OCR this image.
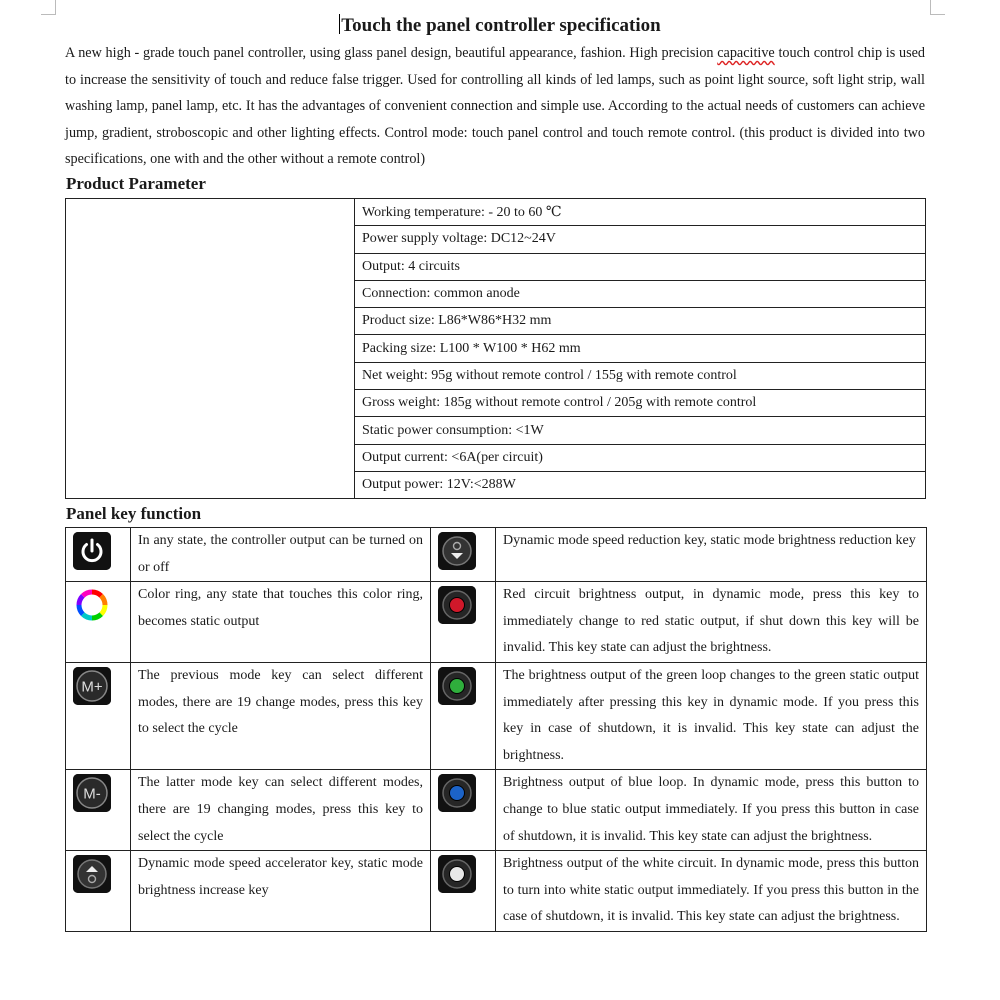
Touch the panel controller specification

A new high - grade touch panel controller, using glass panel design, beautiful appearance, fashion. High precision capacitive touch control chip is used to increase the sensitivity of touch and reduce false trigger. Used for controlling all kinds of led lamps, such as point light source, soft light strip, wall washing lamp, panel lamp, etc. It has the advantages of convenient connection and simple use. According to the actual needs of customers can achieve jump, gradient, stroboscopic and other lighting effects. Control mode: touch panel control and touch remote control. (this product is divided into two specifications, one with and the other without a remote control)

Product Parameter
	Working temperature: - 20 to 60 ℃
Power supply voltage: DC12~24V
Output: 4 circuits
Connection: common anode
Product size: L86*W86*H32 mm
Packing size: L100 * W100 * H62 mm
Net weight: 95g without remote control / 155g with remote control
Gross weight: 185g without remote control / 205g with remote control
Static power consumption: <1W
Output current: <6A(per circuit)
Output power: 12V:<288W
Panel key function
	In any state, the controller output can be turned on or off		Dynamic mode speed reduction key, static mode brightness reduction key

	Color ring, any state that touches this color ring, becomes static output		Red circuit brightness output, in dynamic mode, press this key to immediately change to red static output, if shut down this key will be invalid. This key state can adjust the brightness.

M+	The previous mode key can select different modes, there are 19 change modes, press this key to select the cycle		The brightness output of the green loop changes to the green static output immediately after pressing this key in dynamic mode. If you press this key in case of shutdown, it is invalid. This key state can adjust the brightness.

M-	The latter mode key can select different modes, there are 19 changing modes, press this key to select the cycle		Brightness output of blue loop. In dynamic mode, press this button to change to blue static output immediately. If you press this button in case of shutdown, it is invalid. This key state can adjust the brightness.

	Dynamic mode speed accelerator key, static mode brightness increase key		Brightness output of the white circuit. In dynamic mode, press this button to turn into white static output immediately. If you press this button in the case of shutdown, it is invalid. This key state can adjust the brightness.
